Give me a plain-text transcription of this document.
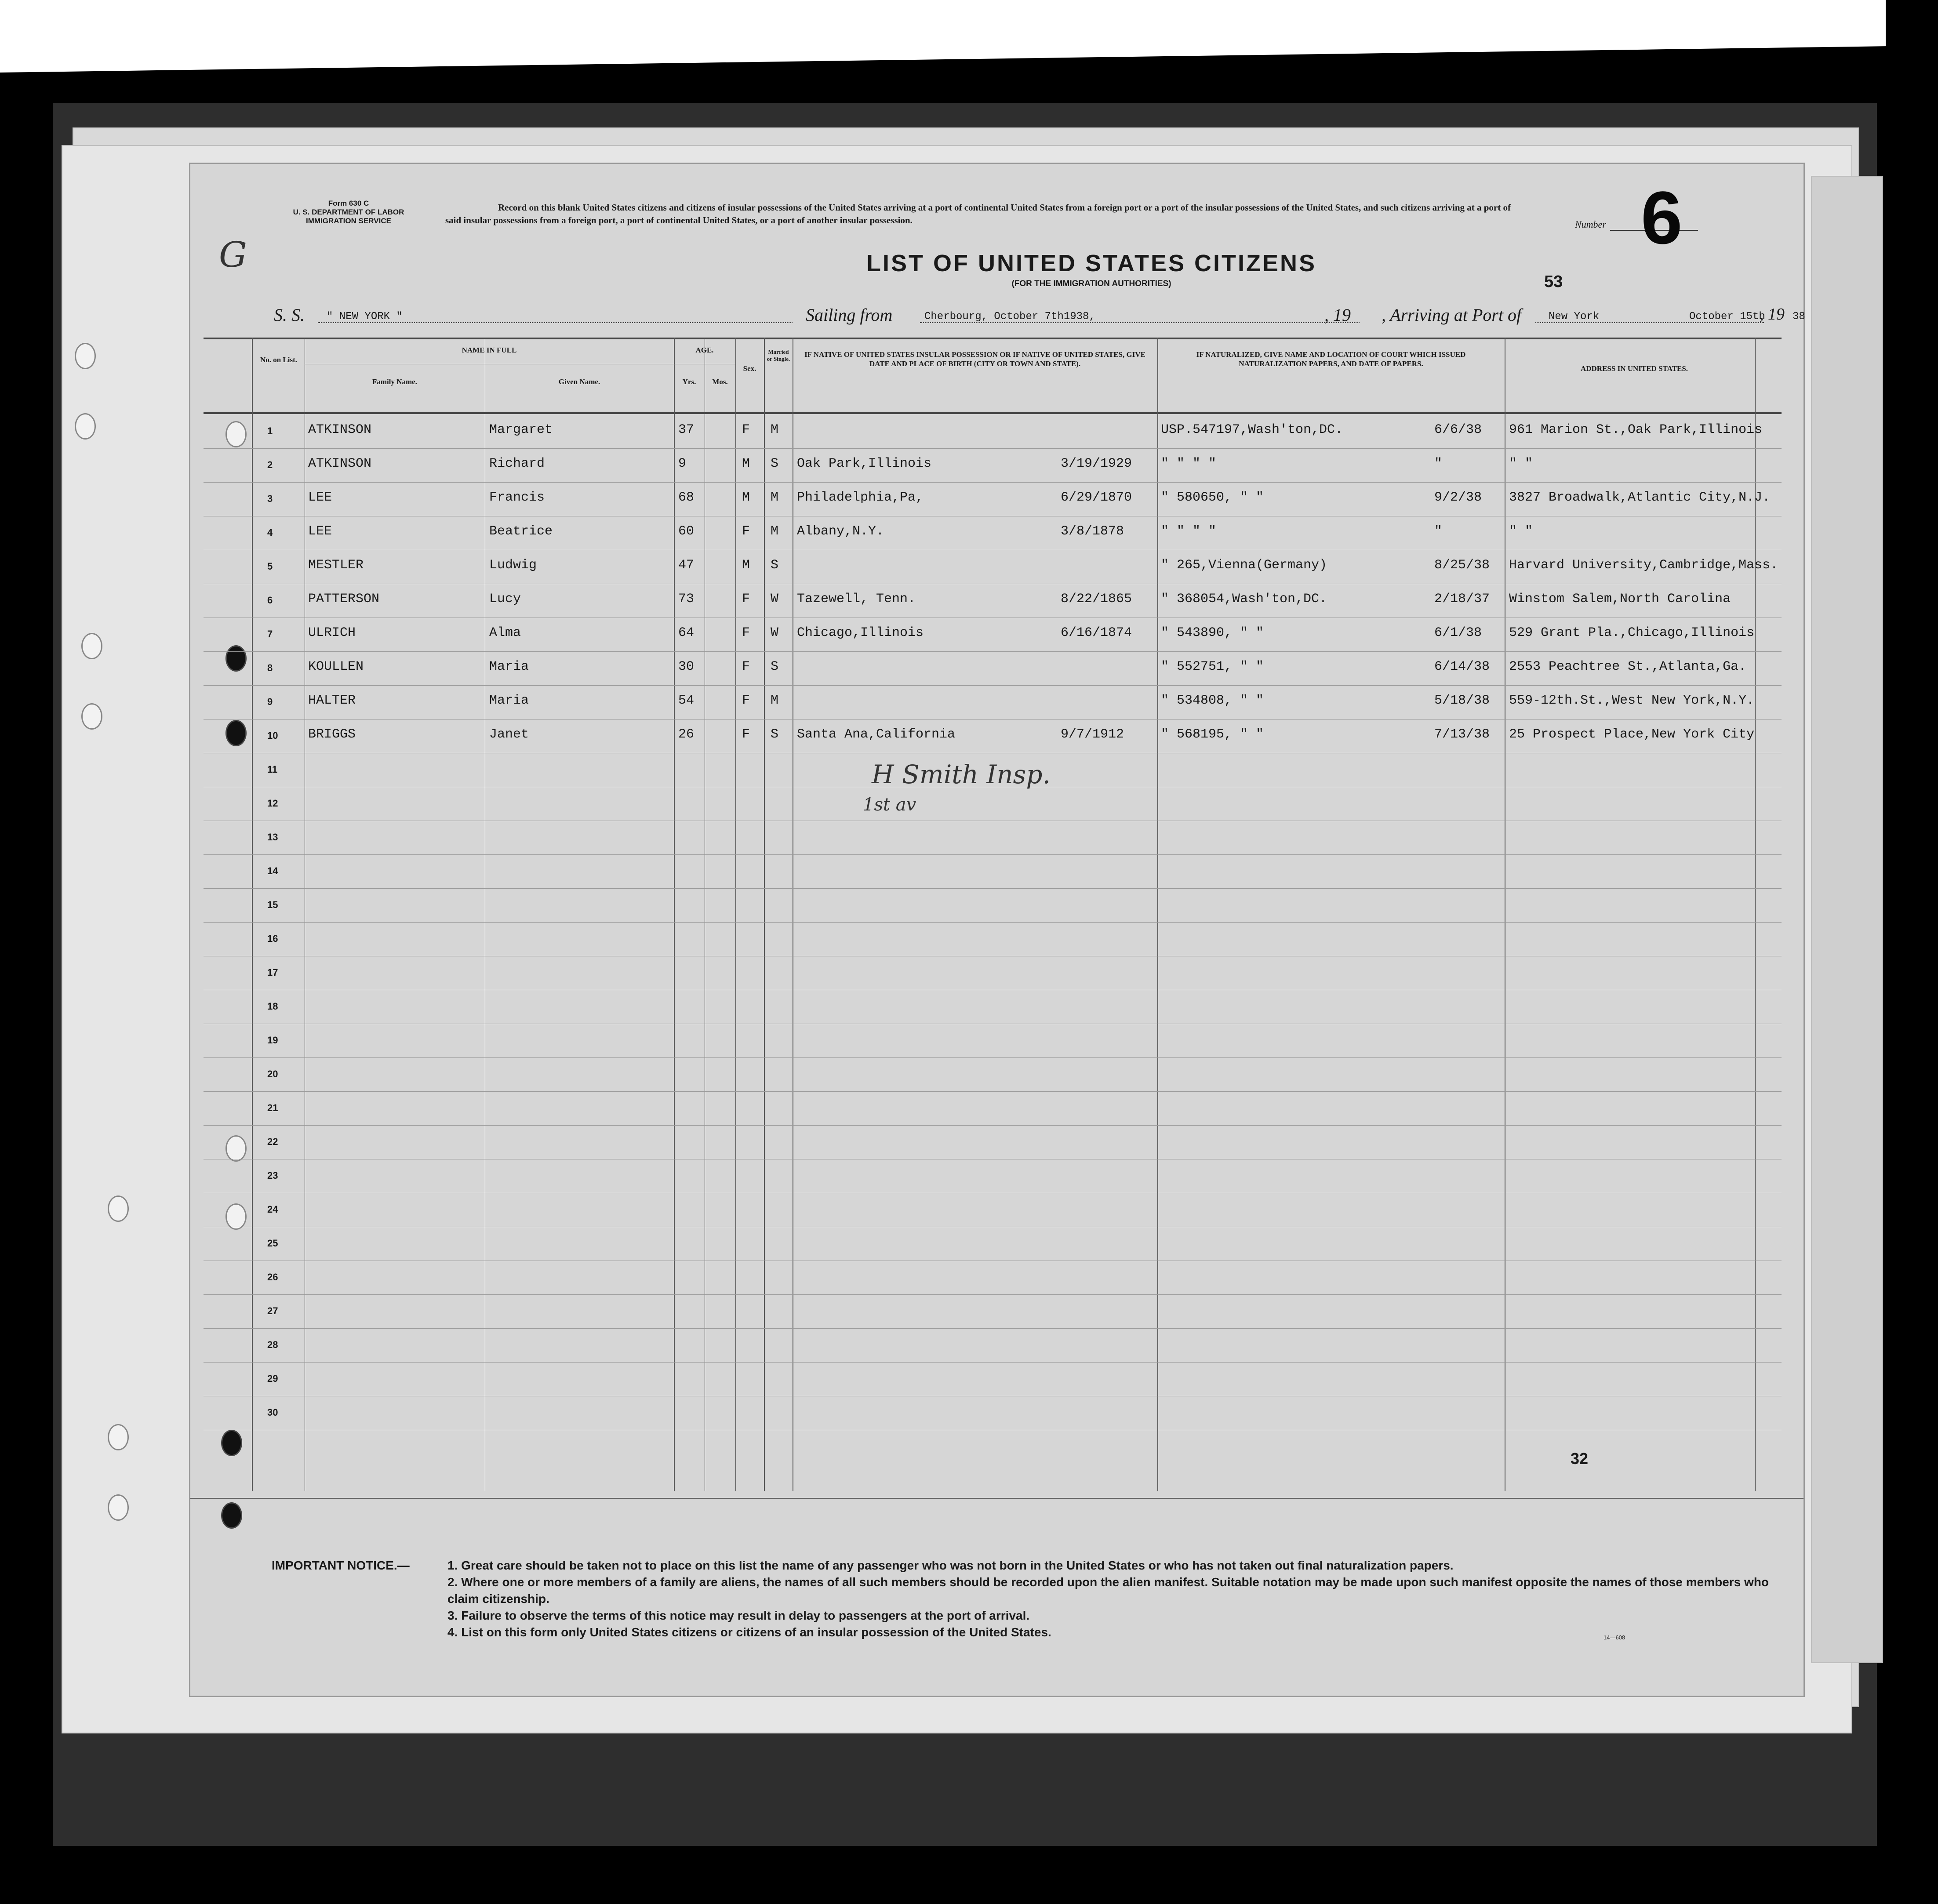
Form 630 C
U. S. DEPARTMENT OF LABOR
IMMIGRATION SERVICE
G
Record on this blank United States citizens and citizens of insular possessions of the United States arriving at a port of continental United States from a foreign port or a port of the insular possessions of the United States, and such citizens arriving at a port of said insular possessions from a foreign port, a port of continental United States, or a port of another insular possession.	Number 6
LIST OF UNITED STATES CITIZENS
(FOR THE IMMIGRATION AUTHORITIES)	53
S. S. " NEW YORK "	Sailing from	Cherbourg, October 7th1938,	, 19 , Arriving at Port of	New York	October 15th
, 19 38
No. on List.
NAME IN FULL
Family Name.	Given Name.
AGE.
Yrs.	Mos.
Sex.
Married or Single.
IF NATIVE OF UNITED STATES INSULAR POSSESSION OR IF NATIVE OF UNITED STATES, GIVE DATE AND PLACE OF BIRTH (CITY OR TOWN AND STATE).
IF NATURALIZED, GIVE NAME AND LOCATION OF COURT WHICH ISSUED NATURALIZATION PAPERS, AND DATE OF PAPERS.
ADDRESS IN UNITED STATES.
1	ATKINSON	Margaret	37	F M	USP.547197,Wash'ton,DC.	6/6/38 961 Marion St.,Oak Park,Illinois
2	ATKINSON	Richard	9	M S Oak Park,Illinois	3/19/1929 " " " "	"	" "
3	LEE	Francis	68	M M Philadelphia,Pa,	6/29/1870 " 580650, " "	9/2/38 3827 Broadwalk,Atlantic City,N.J.
4	LEE	Beatrice	60	F M Albany,N.Y.	3/8/1878	" " " "	"	" "
5	MESTLER	Ludwig	47	M S	" 265,Vienna(Germany)	8/25/38 Harvard University,Cambridge,Mass.
6	PATTERSON	Lucy	73	F W Tazewell, Tenn.	8/22/1865 " 368054,Wash'ton,DC.	2/18/37 Winstom Salem,North Carolina
7	ULRICH	Alma	64	F W Chicago,Illinois	6/16/1874 " 543890, " "	6/1/38 529 Grant Pla.,Chicago,Illinois
8	KOULLEN	Maria	30	F S	" 552751, " "	6/14/38 2553 Peachtree St.,Atlanta,Ga.
9	HALTER	Maria	54	F M	" 534808, " "	5/18/38 559-12th.St.,West New York,N.Y.
10 BRIGGS	Janet	26	F S Santa Ana,California	9/7/1912	" 568195, " "	7/13/38 25 Prospect Place,New York City
11
12
13
14
15
16
17
18
19
20
21
22
23
24
25
26
27
28
29
30
H Smith Insp.
1st av
32
IMPORTANT NOTICE.—	1. Great care should be taken not to place on this list the name of any passenger who was not born in the United States or who has not taken out final naturalization papers.
2. Where one or more members of a family are aliens, the names of all such members should be recorded upon the alien manifest. Suitable notation may be made upon such manifest opposite the names of those members who claim citizenship.
3. Failure to observe the terms of this notice may result in delay to passengers at the port of arrival.
4. List on this form only United States citizens or citizens of an insular possession of the United States.	14—608
